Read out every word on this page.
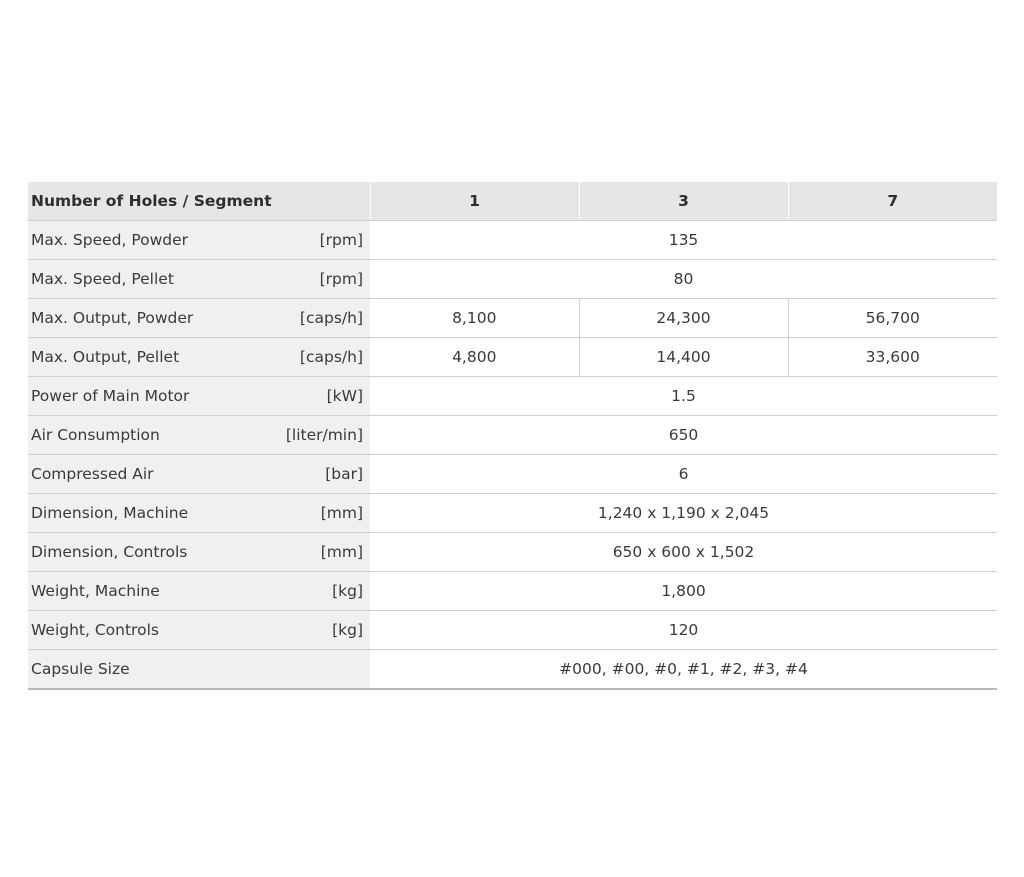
Number of Holes / Segment	1	3	7

Max. Speed, Powder [rpm]	135		

Max. Speed, Pellet [rpm]	80		

Max. Output, Powder [caps/h]	8,100	24,300	56,700

Max. Output, Pellet [caps/h]	4,800	14,400	33,600

Power of Main Motor [kW]	1.5		

Air Consumption [liter/min]	650		

Compressed Air [bar]	6		

Dimension, Machine [mm]	1,240 x 1,190 x 2,045		

Dimension, Controls [mm]	650 x 600 x 1,502		

Weight, Machine [kg]	1,800		

Weight, Controls [kg]	120		

Capsule Size	#000, #00, #0, #1, #2, #3, #4		
